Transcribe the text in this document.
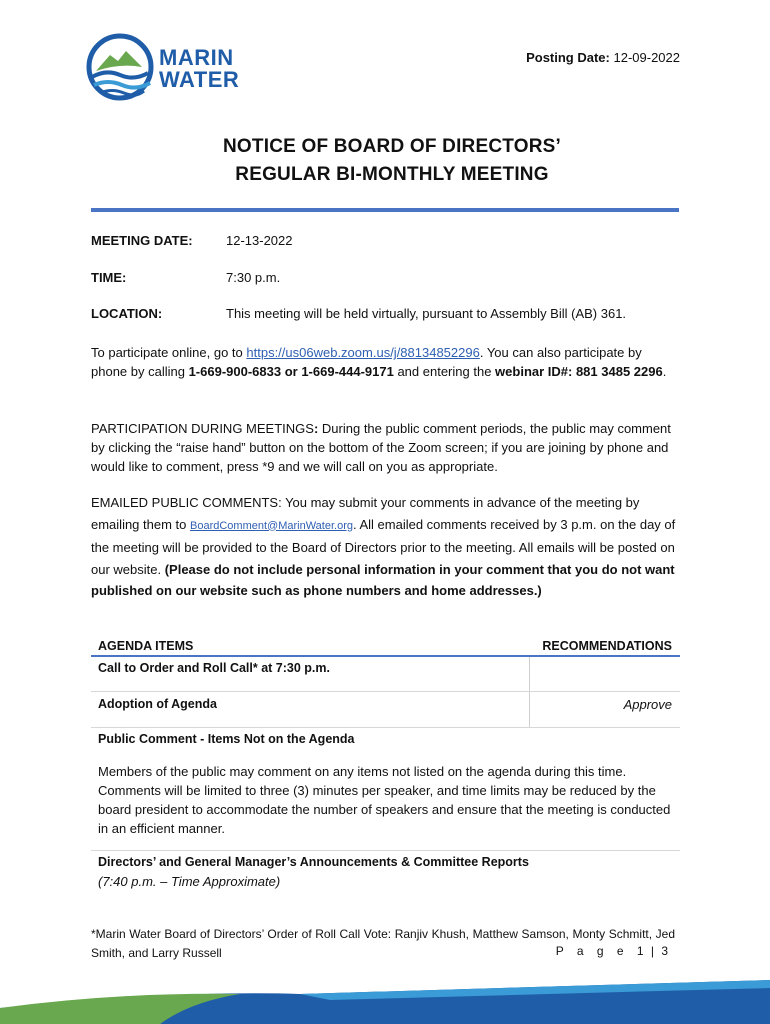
MARIN
WATER
Posting Date: 12-09-2022
NOTICE OF BOARD OF DIRECTORS’
REGULAR BI-MONTHLY MEETING
MEETING DATE:	12-13-2022
TIME:	7:30 p.m.
LOCATION:	This meeting will be held virtually, pursuant to Assembly Bill (AB) 361.
To participate online, go to https://us06web.zoom.us/j/88134852296. You can also participate by phone by calling 1-669-900-6833 or 1-669-444-9171 and entering the webinar ID#: 881 3485 2296.
PARTICIPATION DURING MEETINGS: During the public comment periods, the public may comment by clicking the “raise hand” button on the bottom of the Zoom screen; if you are joining by phone and would like to comment, press *9 and we will call on you as appropriate.
EMAILED PUBLIC COMMENTS: You may submit your comments in advance of the meeting by emailing them to BoardComment@MarinWater.org. All emailed comments received by 3 p.m. on the day of the meeting will be provided to the Board of Directors prior to the meeting. All emails will be posted on our website. (Please do not include personal information in your comment that you do not want published on our website such as phone numbers and home addresses.)
AGENDA ITEMS	RECOMMENDATIONS
Call to Order and Roll Call* at 7:30 p.m.
Adoption of Agenda	Approve
Public Comment - Items Not on the Agenda
Members of the public may comment on any items not listed on the agenda during this time. Comments will be limited to three (3) minutes per speaker, and time limits may be reduced by the board president to accommodate the number of speakers and ensure that the meeting is conducted in an efficient manner.
Directors’ and General Manager’s Announcements & Committee Reports
(7:40 p.m. – Time Approximate)
*Marin Water Board of Directors’ Order of Roll Call Vote: Ranjiv Khush, Matthew Samson, Monty Schmitt, Jed Smith, and Larry Russell	P a g e 1 | 3
